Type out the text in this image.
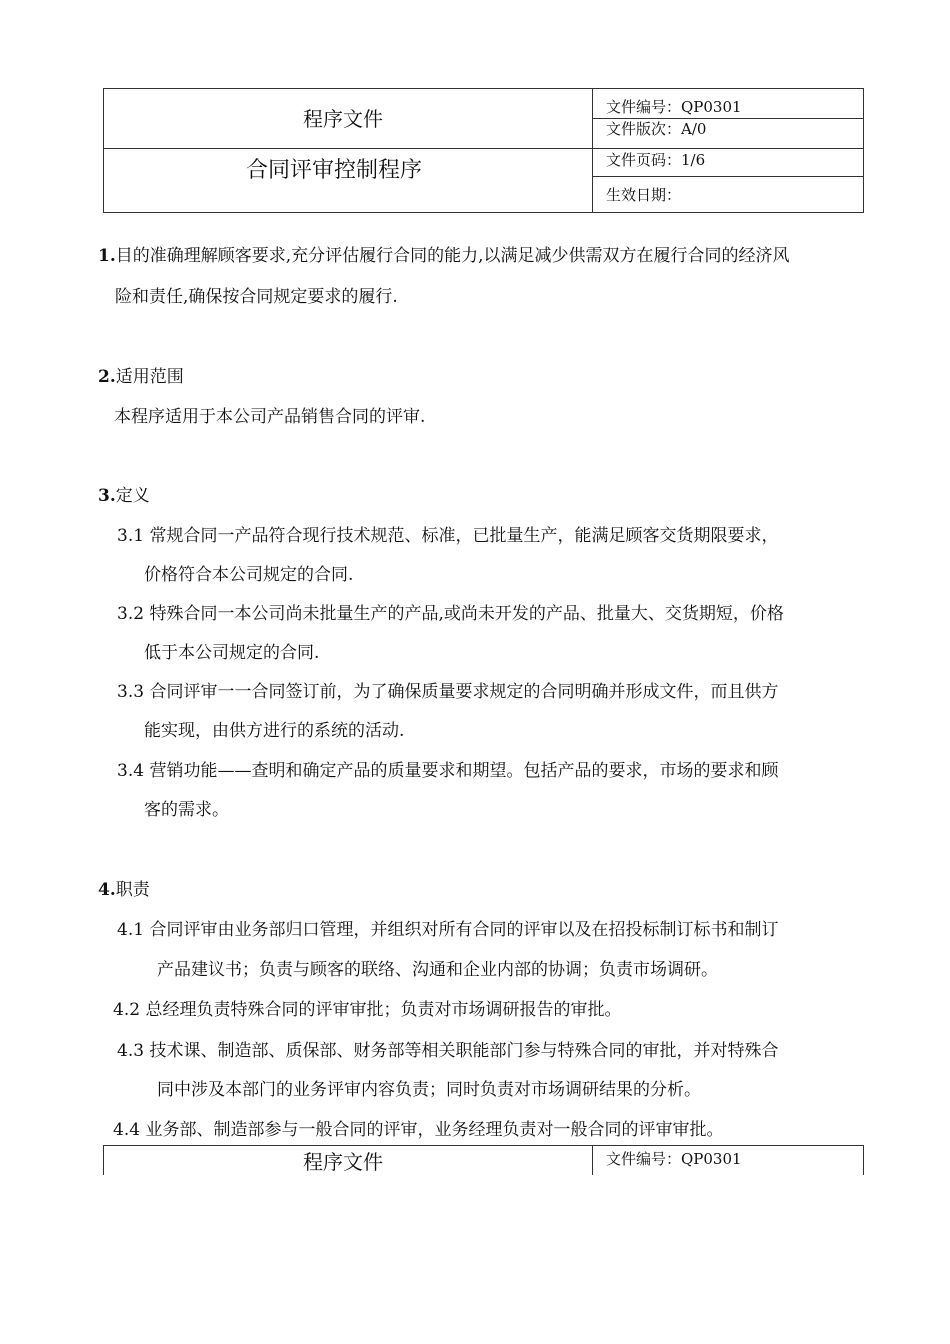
程序文件
合同评审控制程序
文件编号：QP0301
文件版次：A/0
文件页码：1/6
生效日期：
1.目的准确理解顾客要求,充分评估履行合同的能力,以满足减少供需双方在履行合同的经济风
险和责任,确保按合同规定要求的履行.
2.适用范围
本程序适用于本公司产品销售合同的评审.
3.定义
3.1 常规合同一产品符合现行技术规范、标准，已批量生产，能满足顾客交货期限要求，
价格符合本公司规定的合同.
3.2 特殊合同一本公司尚未批量生产的产品,或尚未开发的产品、批量大、交货期短，价格
低于本公司规定的合同.
3.3 合同评审一一合同签订前，为了确保质量要求规定的合同明确并形成文件，而且供方
能实现，由供方进行的系统的活动.
3.4 营销功能——查明和确定产品的质量要求和期望。包括产品的要求，市场的要求和顾
客的需求。
4.职责
4.1 合同评审由业务部归口管理，并组织对所有合同的评审以及在招投标制订标书和制订
产品建议书；负责与顾客的联络、沟通和企业内部的协调；负责市场调研。
4.2 总经理负责特殊合同的评审审批；负责对市场调研报告的审批。
4.3 技术课、制造部、质保部、财务部等相关职能部门参与特殊合同的审批，并对特殊合
同中涉及本部门的业务评审内容负责；同时负责对市场调研结果的分析。
4.4 业务部、制造部参与一般合同的评审，业务经理负责对一般合同的评审审批。
程序文件	文件编号：QP0301
